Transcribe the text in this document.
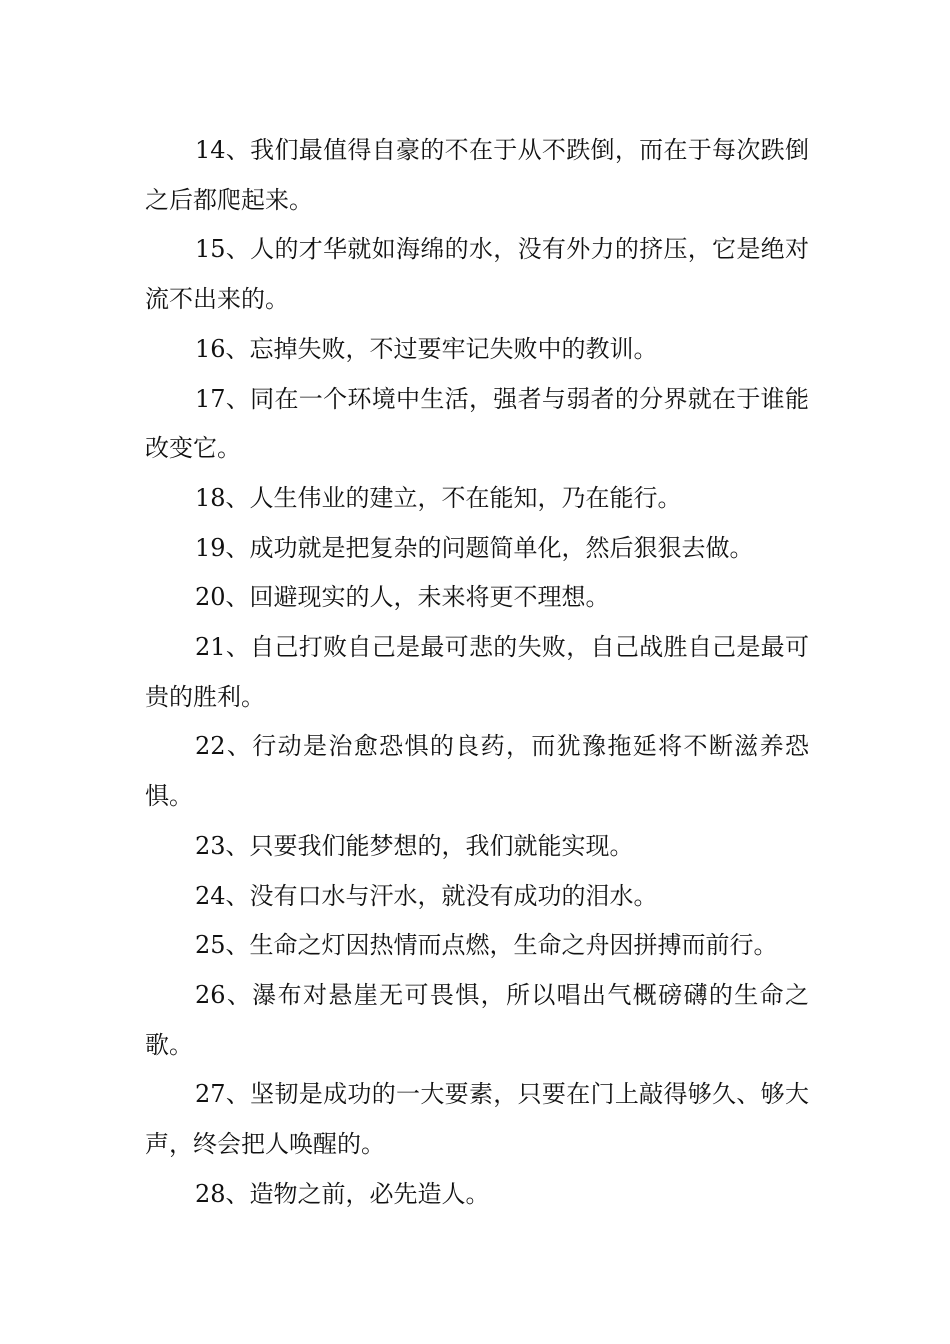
14、我们最值得自豪的不在于从不跌倒，而在于每次跌倒之后都爬起来。

15、人的才华就如海绵的水，没有外力的挤压，它是绝对流不出来的。

16、忘掉失败，不过要牢记失败中的教训。

17、同在一个环境中生活，强者与弱者的分界就在于谁能改变它。

18、人生伟业的建立，不在能知，乃在能行。

19、成功就是把复杂的问题简单化，然后狠狠去做。

20、回避现实的人，未来将更不理想。

21、自己打败自己是最可悲的失败，自己战胜自己是最可贵的胜利。

22、行动是治愈恐惧的良药，而犹豫拖延将不断滋养恐惧。

23、只要我们能梦想的，我们就能实现。

24、没有口水与汗水，就没有成功的泪水。

25、生命之灯因热情而点燃，生命之舟因拼搏而前行。

26、瀑布对悬崖无可畏惧，所以唱出气概磅礴的生命之歌。

27、坚韧是成功的一大要素，只要在门上敲得够久、够大声，终会把人唤醒的。

28、造物之前，必先造人。
